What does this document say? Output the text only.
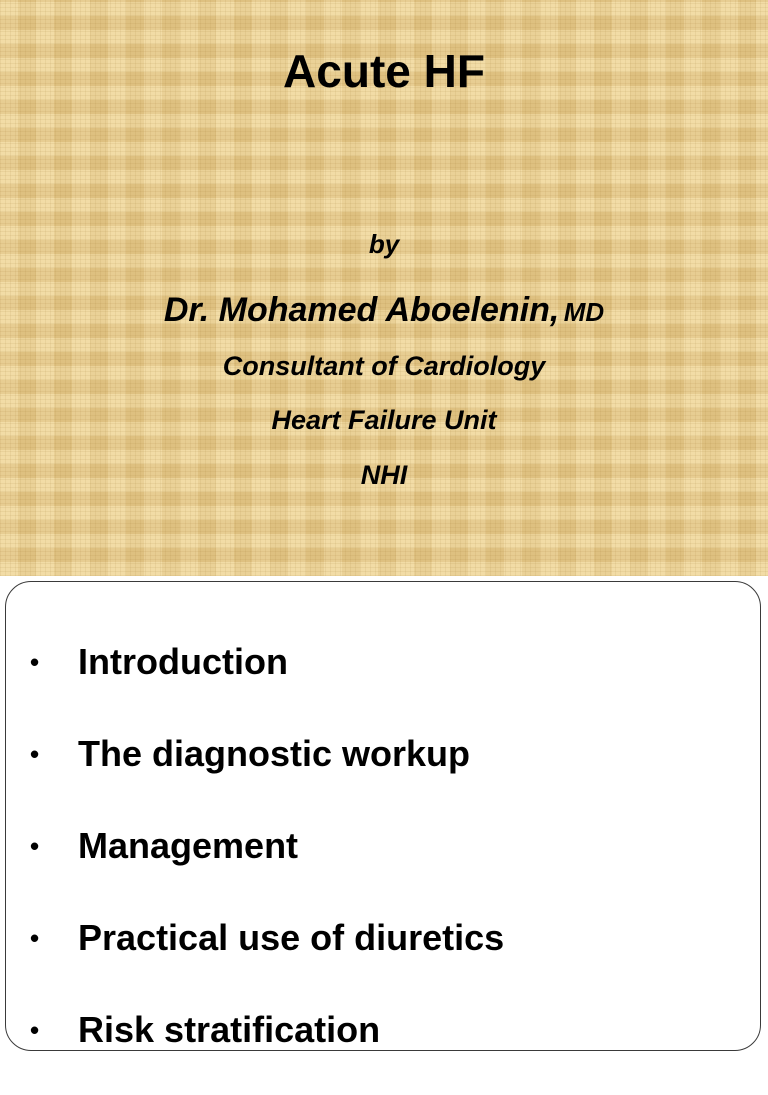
Acute HF
by
Dr. Mohamed Aboelenin, MD
Consultant of Cardiology
Heart Failure Unit
NHI
•	Introduction
•	The diagnostic workup
•	Management
•	Practical use of diuretics
•	Risk stratification
